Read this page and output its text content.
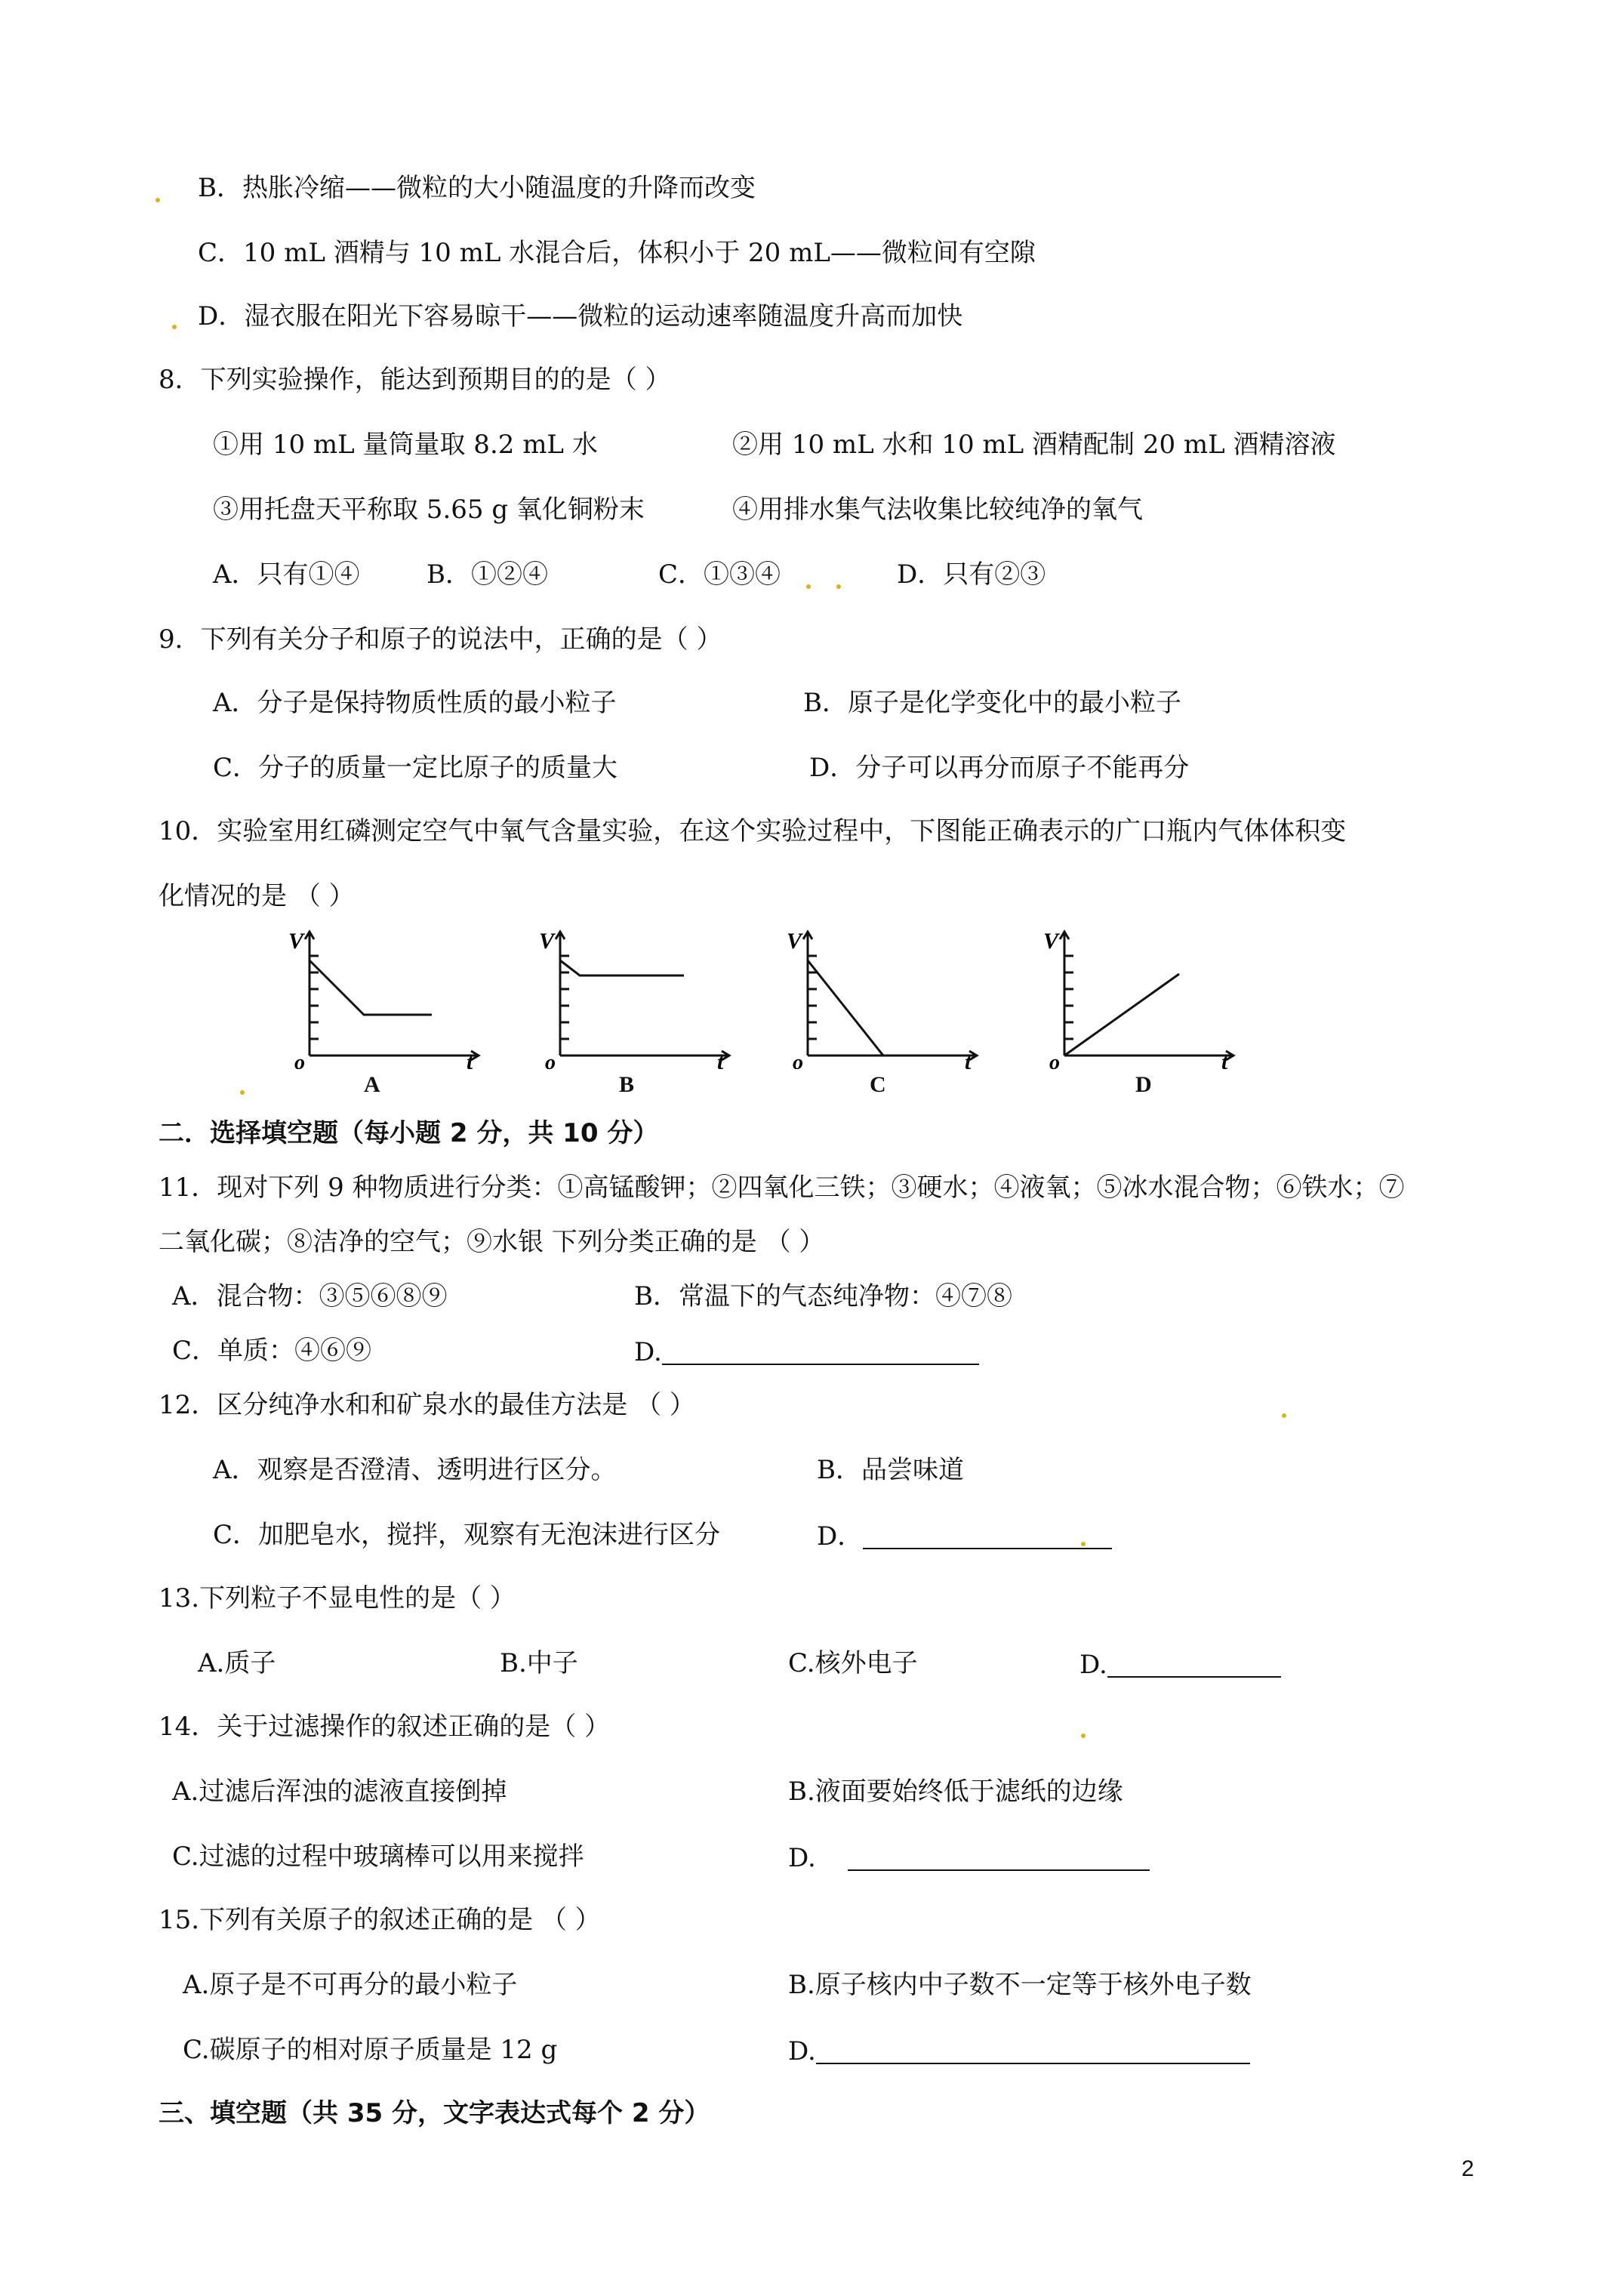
B．热胀冷缩——微粒的大小随温度的升降而改变
C．10 mL 酒精与 10 mL 水混合后，体积小于 20 mL——微粒间有空隙
D．湿衣服在阳光下容易晾干——微粒的运动速率随温度升高而加快
8．下列实验操作，能达到预期目的的是（ ）
①用 10 mL 量筒量取 8.2 mL 水	②用 10 mL 水和 10 mL 酒精配制 20 mL 酒精溶液
③用托盘天平称取 5.65 g 氧化铜粉末	④用排水集气法收集比较纯净的氧气
A．只有①④	B．①②④	C．①③④	D．只有②③
9．下列有关分子和原子的说法中，正确的是（ ）
A．分子是保持物质性质的最小粒子	B．原子是化学变化中的最小粒子
C．分子的质量一定比原子的质量大	D．分子可以再分而原子不能再分
10．实验室用红磷测定空气中氧气含量实验，在这个实验过程中，下图能正确表示的广口瓶内气体体积变
化情况的是 （ ）
V
o	t
A
V
o	t
B
V
o	t
C
V
o	t
D
二．选择填空题（每小题 2 分，共 10 分）
11．现对下列 9 种物质进行分类：①高锰酸钾；②四氧化三铁；③硬水；④液氧；⑤冰水混合物；⑥铁水；⑦
二氧化碳；⑧洁净的空气；⑨水银 下列分类正确的是 （ ）
A．混合物：③⑤⑥⑧⑨	B．常温下的气态纯净物：④⑦⑧
C．单质：④⑥⑨	D.
12．区分纯净水和和矿泉水的最佳方法是 （ ）
A．观察是否澄清、透明进行区分。	B．品尝味道
C．加肥皂水，搅拌，观察有无泡沫进行区分	D．
13.下列粒子不显电性的是（ ）
A.质子	B.中子	C.核外电子	D.
14．关于过滤操作的叙述正确的是（ ）
A.过滤后浑浊的滤液直接倒掉	B.液面要始终低于滤纸的边缘
C.过滤的过程中玻璃棒可以用来搅拌	D.
15.下列有关原子的叙述正确的是 （ ）
A.原子是不可再分的最小粒子	B.原子核内中子数不一定等于核外电子数
C.碳原子的相对原子质量是 12 g	D.
三、填空题（共 35 分，文字表达式每个 2 分）
2
